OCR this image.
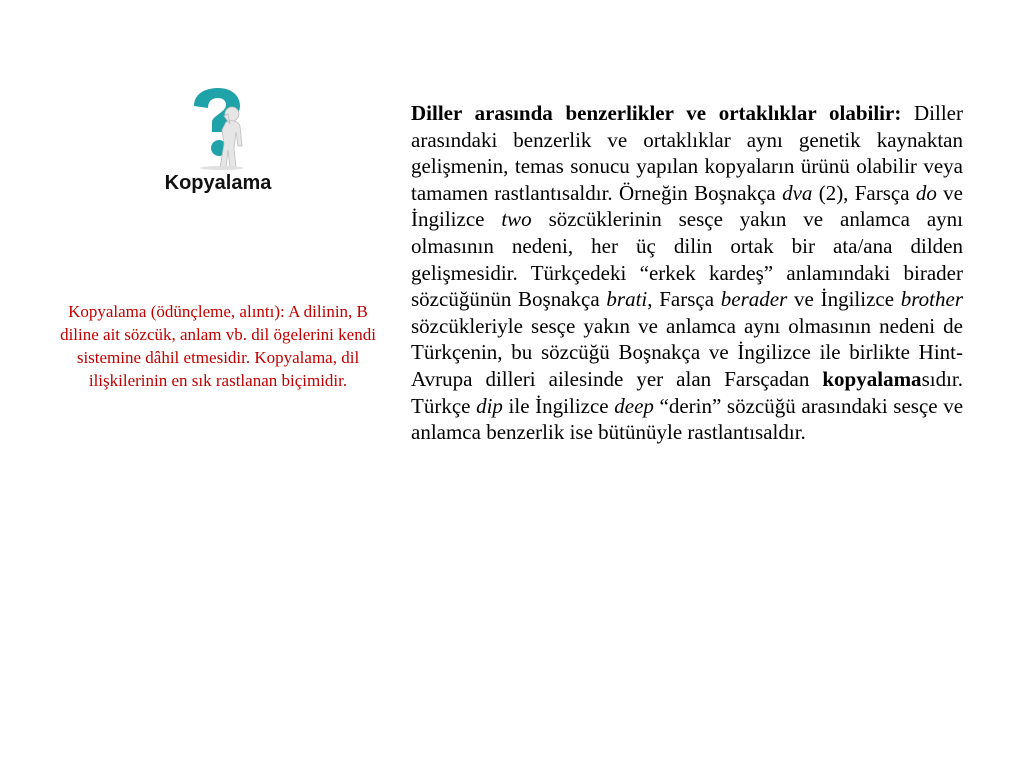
Kopyalama
Kopyalama (ödünçleme, alıntı): A dilinin, B diline ait sözcük, anlam vb. dil ögelerini kendi sistemine dâhil etmesidir. Kopyalama, dil ilişkilerinin en sık rastlanan biçimidir.
Diller arasında benzerlikler ve ortaklıklar olabilir: Diller arasındaki benzerlik ve ortaklıklar aynı genetik kaynaktan gelişmenin, temas sonucu yapılan kopyaların ürünü olabilir veya tamamen rastlantısaldır. Örneğin Boşnakça dva (2), Farsça do ve İngilizce two sözcüklerinin sesçe yakın ve anlamca aynı olmasının nedeni, her üç dilin ortak bir ata/ana dilden gelişmesidir. Türkçedeki “erkek kardeş” anlamındaki birader sözcüğünün Boşnakça brati, Farsça berader ve İngilizce brother sözcükleriyle sesçe yakın ve anlamca aynı olmasının nedeni de Türkçenin, bu sözcüğü Boşnakça ve İngilizce ile birlikte Hint-Avrupa dilleri ailesinde yer alan Farsçadan kopyalamasıdır. Türkçe dip ile İngilizce deep “derin” sözcüğü arasındaki sesçe ve anlamca benzerlik ise bütünüyle rastlantısaldır.
